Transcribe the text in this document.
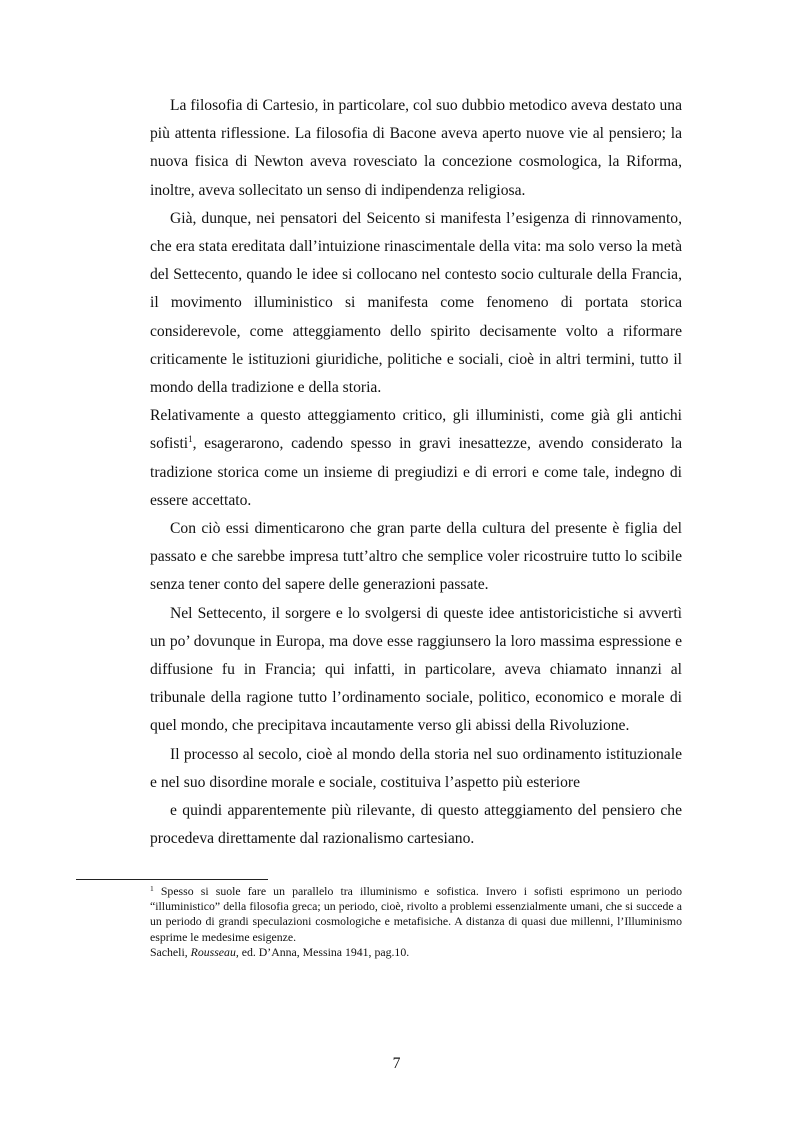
La filosofia di Cartesio, in particolare, col suo dubbio metodico aveva destato una più attenta riflessione. La filosofia di Bacone aveva aperto nuove vie al pensiero; la nuova fisica di Newton aveva rovesciato la concezione cosmologica, la Riforma, inoltre, aveva sollecitato un senso di indipendenza religiosa.

Già, dunque, nei pensatori del Seicento si manifesta l’esigenza di rinnovamento, che era stata ereditata dall’intuizione rinascimentale della vita: ma solo verso la metà del Settecento, quando le idee si collocano nel contesto socio culturale della Francia, il movimento illuministico si manifesta come fenomeno di portata storica considerevole, come atteggiamento dello spirito decisamente volto a riformare criticamente le istituzioni giuridiche, politiche e sociali, cioè in altri termini, tutto il mondo della tradizione e della storia.

Relativamente a questo atteggiamento critico, gli illuministi, come già gli antichi sofisti$^1$, esagerarono, cadendo spesso in gravi inesattezze, avendo considerato la tradizione storica come un insieme di pregiudizi e di errori e come tale, indegno di essere accettato.

Con ciò essi dimenticarono che gran parte della cultura del presente è figlia del passato e che sarebbe impresa tutt’altro che semplice voler ricostruire tutto lo scibile senza tener conto del sapere delle generazioni passate.

Nel Settecento, il sorgere e lo svolgersi di queste idee antistoricistiche si avvertì un po’ dovunque in Europa, ma dove esse raggiunsero la loro massima espressione e diffusione fu in Francia; qui infatti, in particolare, aveva chiamato innanzi al tribunale della ragione tutto l’ordinamento sociale, politico, economico e morale di quel mondo, che precipitava incautamente verso gli abissi della Rivoluzione.

Il processo al secolo, cioè al mondo della storia nel suo ordinamento istituzionale e nel suo disordine morale e sociale, costituiva l’aspetto più esteriore

e quindi apparentemente più rilevante, di questo atteggiamento del pensiero che procedeva direttamente dal razionalismo cartesiano.

$^1$ Spesso si suole fare un parallelo tra illuminismo e sofistica. Invero i sofisti esprimono un periodo “illuministico” della filosofia greca; un periodo, cioè, rivolto a problemi essenzialmente umani, che si succede a un periodo di grandi speculazioni cosmologiche e metafisiche. A distanza di quasi due millenni, l’Illuminismo esprime le medesime esigenze.

Sacheli, Rousseau, ed. D’Anna, Messina 1941, pag.10.

7
